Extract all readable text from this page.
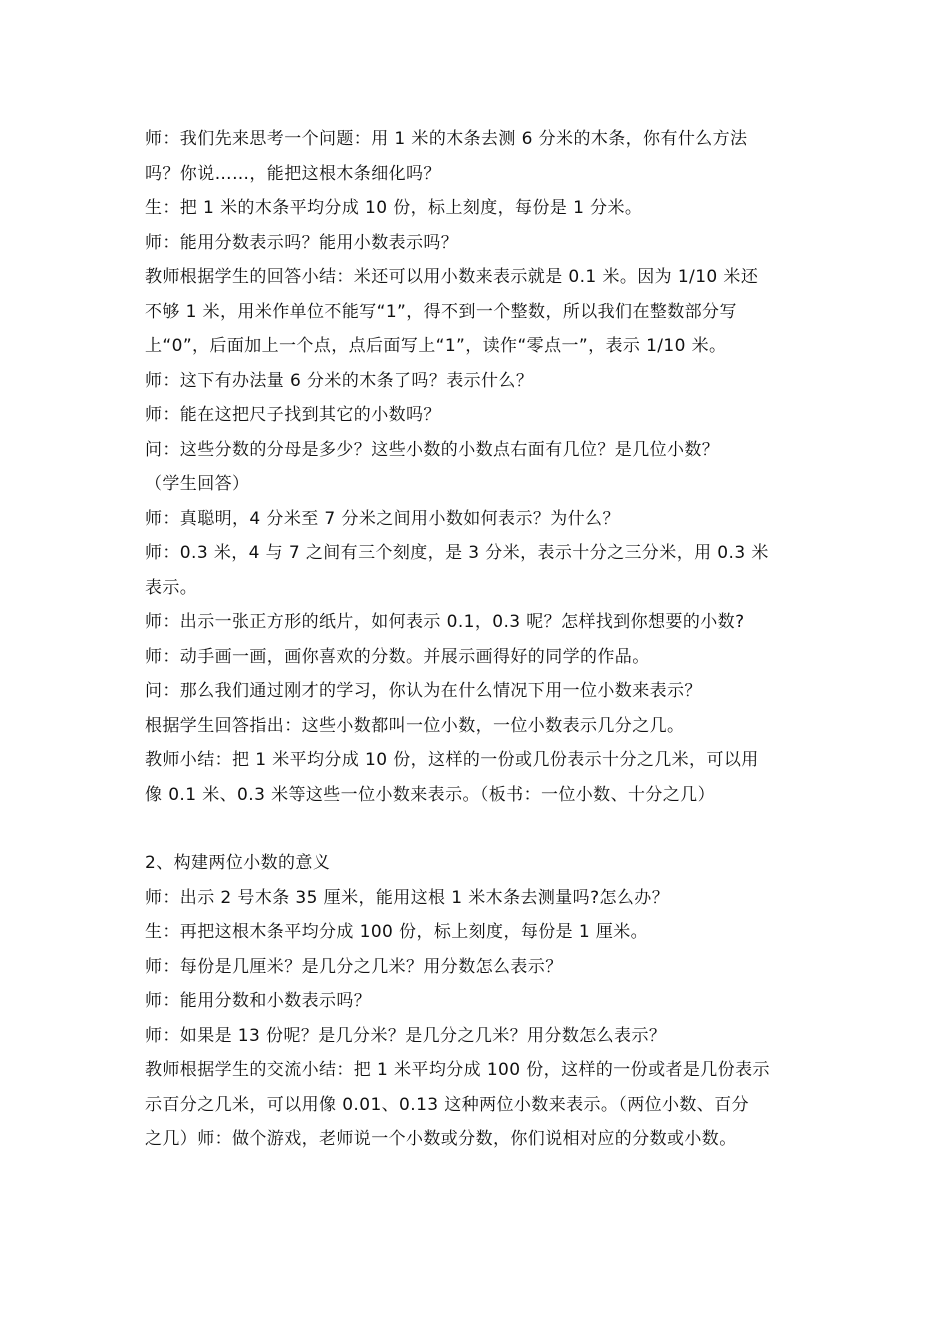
师：我们先来思考一个问题：用 1 米的木条去测 6 分米的木条，你有什么方法
吗？你说……，能把这根木条细化吗？
生：把 1 米的木条平均分成 10 份，标上刻度，每份是 1 分米。
师：能用分数表示吗？能用小数表示吗？
教师根据学生的回答小结：米还可以用小数来表示就是 0.1 米。因为 1/10 米还
不够 1 米，用米作单位不能写“1”，得不到一个整数，所以我们在整数部分写
上“0”，后面加上一个点，点后面写上“1”，读作“零点一”，表示 1/10 米。
师：这下有办法量 6 分米的木条了吗？表示什么？
师：能在这把尺子找到其它的小数吗？
问：这些分数的分母是多少？这些小数的小数点右面有几位？是几位小数？
（学生回答）
师：真聪明，4 分米至 7 分米之间用小数如何表示？为什么？
师：0.3 米，4 与 7 之间有三个刻度，是 3 分米，表示十分之三分米，用 0.3 米
表示。
师：出示一张正方形的纸片，如何表示 0.1，0.3 呢？怎样找到你想要的小数?
师：动手画一画，画你喜欢的分数。并展示画得好的同学的作品。
问：那么我们通过刚才的学习，你认为在什么情况下用一位小数来表示？
根据学生回答指出：这些小数都叫一位小数，一位小数表示几分之几。
教师小结：把 1 米平均分成 10 份，这样的一份或几份表示十分之几米，可以用
像 0.1 米、0.3 米等这些一位小数来表示。（板书：一位小数、十分之几）
2、构建两位小数的意义
师：出示 2 号木条 35 厘米，能用这根 1 米木条去测量吗?怎么办？
生：再把这根木条平均分成 100 份，标上刻度，每份是 1 厘米。
师：每份是几厘米？是几分之几米？用分数怎么表示？
师：能用分数和小数表示吗？
师：如果是 13 份呢？是几分米？是几分之几米？用分数怎么表示？
教师根据学生的交流小结：把 1 米平均分成 100 份，这样的一份或者是几份表示
示百分之几米，可以用像 0.01、0.13 这种两位小数来表示。（两位小数、百分
之几）师：做个游戏，老师说一个小数或分数，你们说相对应的分数或小数。
